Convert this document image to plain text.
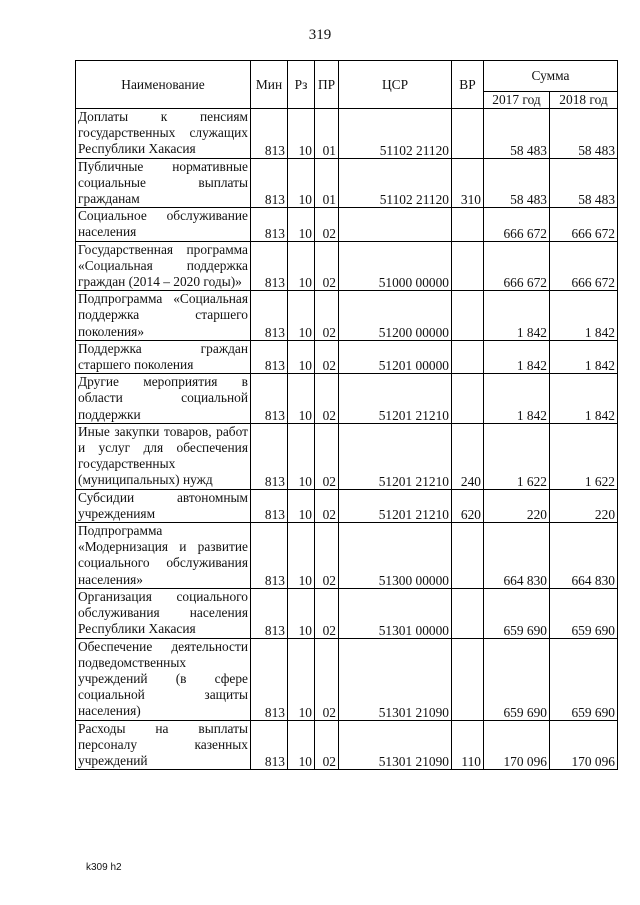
319
Наименование	Мин	Рз	ПР	ЦСР	ВР	Сумма	
						2017 год	2018 год
Доплаты к пенсиям государственных служащих Республики Хакасия	813	10	01	51102 21120		58 483	58 483
Публичные нормативные социальные выплаты гражданам	813	10	01	51102 21120	310	58 483	58 483
Социальное обслуживание населения	813	10	02			666 672	666 672
Государственная программа «Социальная поддержка граждан (2014 – 2020 годы)»	813	10	02	51000 00000		666 672	666 672
Подпрограмма «Социальная поддержка старшего поколения»	813	10	02	51200 00000		1 842	1 842
Поддержка граждан старшего поколения	813	10	02	51201 00000		1 842	1 842
Другие мероприятия в области социальной поддержки	813	10	02	51201 21210		1 842	1 842
Иные закупки товаров, работ и услуг для обеспечения государственных (муниципальных) нужд	813	10	02	51201 21210	240	1 622	1 622
Субсидии автономным учреждениям	813	10	02	51201 21210	620	220	220
Подпрограмма «Модернизация и развитие социального обслуживания населения»	813	10	02	51300 00000		664 830	664 830
Организация социального обслуживания населения Республики Хакасия	813	10	02	51301 00000		659 690	659 690
Обеспечение деятельности подведомственных учреждений (в сфере социальной защиты населения)	813	10	02	51301 21090		659 690	659 690
Расходы на выплаты персоналу казенных учреждений	813	10	02	51301 21090	110	170 096	170 096
k309 h2
